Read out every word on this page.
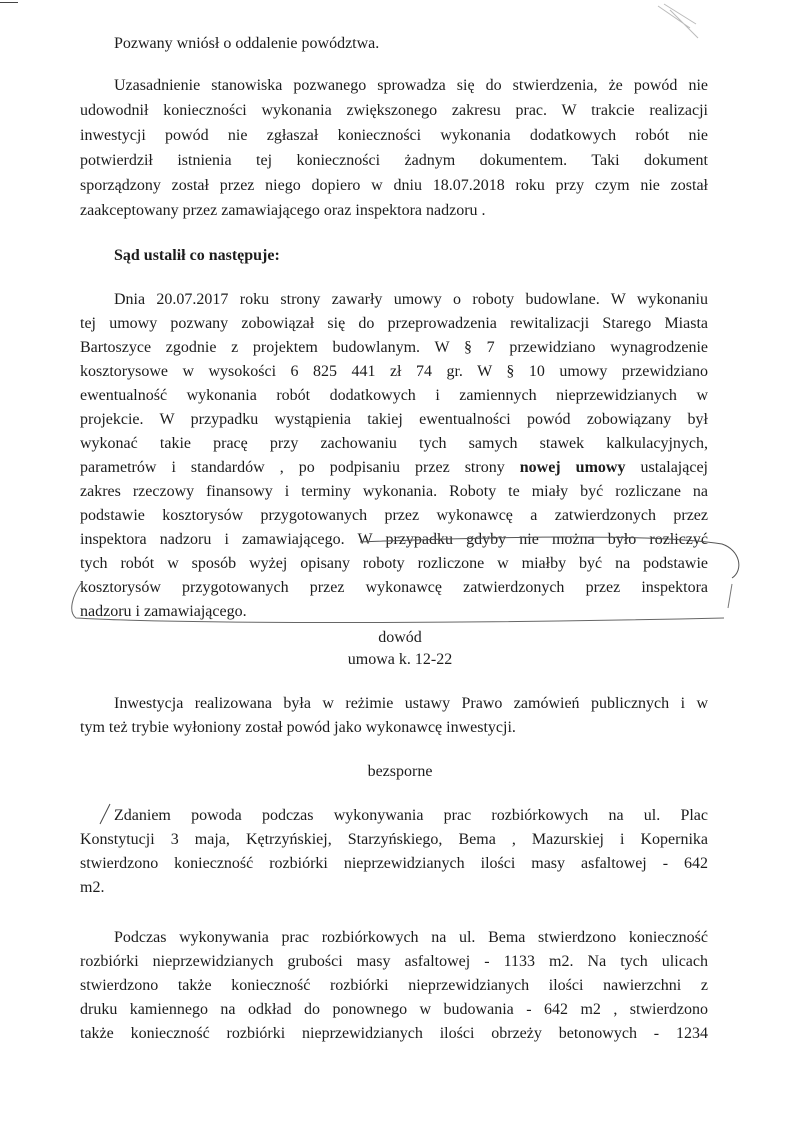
Pozwany wniósł o oddalenie powództwa.
Uzasadnienie stanowiska pozwanego sprowadza się do stwierdzenia, że powód nie
udowodnił konieczności wykonania zwiększonego zakresu prac. W trakcie realizacji
inwestycji powód nie zgłaszał konieczności wykonania dodatkowych robót nie
potwierdził istnienia tej konieczności żadnym dokumentem. Taki dokument
sporządzony został przez niego dopiero w dniu 18.07.2018 roku przy czym nie został
zaakceptowany przez zamawiającego oraz inspektora nadzoru .
Sąd ustalił co następuje:
Dnia 20.07.2017 roku strony zawarły umowy o roboty budowlane. W wykonaniu
tej umowy pozwany zobowiązał się do przeprowadzenia rewitalizacji Starego Miasta
Bartoszyce zgodnie z projektem budowlanym. W § 7 przewidziano wynagrodzenie
kosztorysowe w wysokości 6 825 441 zł 74 gr. W § 10 umowy przewidziano
ewentualność wykonania robót dodatkowych i zamiennych nieprzewidzianych w
projekcie. W przypadku wystąpienia takiej ewentualności powód zobowiązany był
wykonać takie pracę przy zachowaniu tych samych stawek kalkulacyjnych,
parametrów i standardów , po podpisaniu przez strony nowej umowy ustalającej
zakres rzeczowy finansowy i terminy wykonania. Roboty te miały być rozliczane na
podstawie kosztorysów przygotowanych przez wykonawcę a zatwierdzonych przez
inspektora nadzoru i zamawiającego. W przypadku gdyby nie można było rozliczyć
tych robót w sposób wyżej opisany roboty rozliczone w miałby być na podstawie
kosztorysów przygotowanych przez wykonawcę zatwierdzonych przez inspektora
nadzoru i zamawiającego.
dowód
umowa k. 12-22
Inwestycja realizowana była w reżimie ustawy Prawo zamówień publicznych i w
tym też trybie wyłoniony został powód jako wykonawcę inwestycji.
bezsporne
Zdaniem powoda podczas wykonywania prac rozbiórkowych na ul. Plac
Konstytucji 3 maja, Kętrzyńskiej, Starzyńskiego, Bema , Mazurskiej i Kopernika
stwierdzono konieczność rozbiórki nieprzewidzianych ilości masy asfaltowej - 642
m2.
Podczas wykonywania prac rozbiórkowych na ul. Bema stwierdzono konieczność
rozbiórki nieprzewidzianych grubości masy asfaltowej - 1133 m2. Na tych ulicach
stwierdzono także konieczność rozbiórki nieprzewidzianych ilości nawierzchni z
druku kamiennego na odkład do ponownego w budowania - 642 m2 , stwierdzono
także konieczność rozbiórki nieprzewidzianych ilości obrzeży betonowych - 1234
